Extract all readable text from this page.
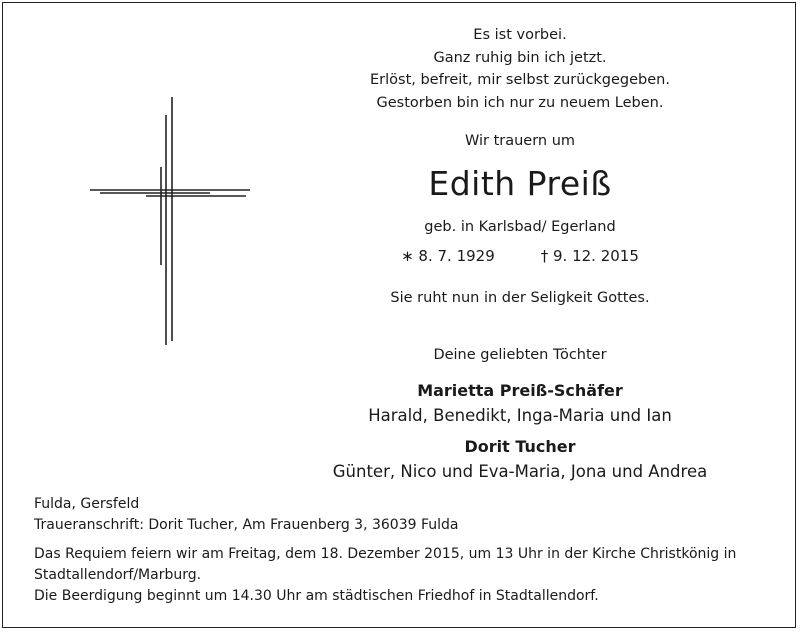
Es ist vorbei.
Ganz ruhig bin ich jetzt.
Erlöst, befreit, mir selbst zurückgegeben.
Gestorben bin ich nur zu neuem Leben.
Wir trauern um
Edith Preiß
geb. in Karlsbad/ Egerland
∗ 8. 7. 1929	† 9. 12. 2015
Sie ruht nun in der Seligkeit Gottes.
Deine geliebten Töchter
Marietta Preiß-Schäfer
Harald, Benedikt, Inga-Maria und Ian
Dorit Tucher
Günter, Nico und Eva-Maria, Jona und Andrea
Fulda, Gersfeld
Traueranschrift: Dorit Tucher, Am Frauenberg 3, 36039 Fulda
Das Requiem feiern wir am Freitag, dem 18. Dezember 2015, um 13 Uhr in der Kirche Christkönig in Stadtallendorf/Marburg.
Die Beerdigung beginnt um 14.30 Uhr am städtischen Friedhof in Stadtallendorf.
